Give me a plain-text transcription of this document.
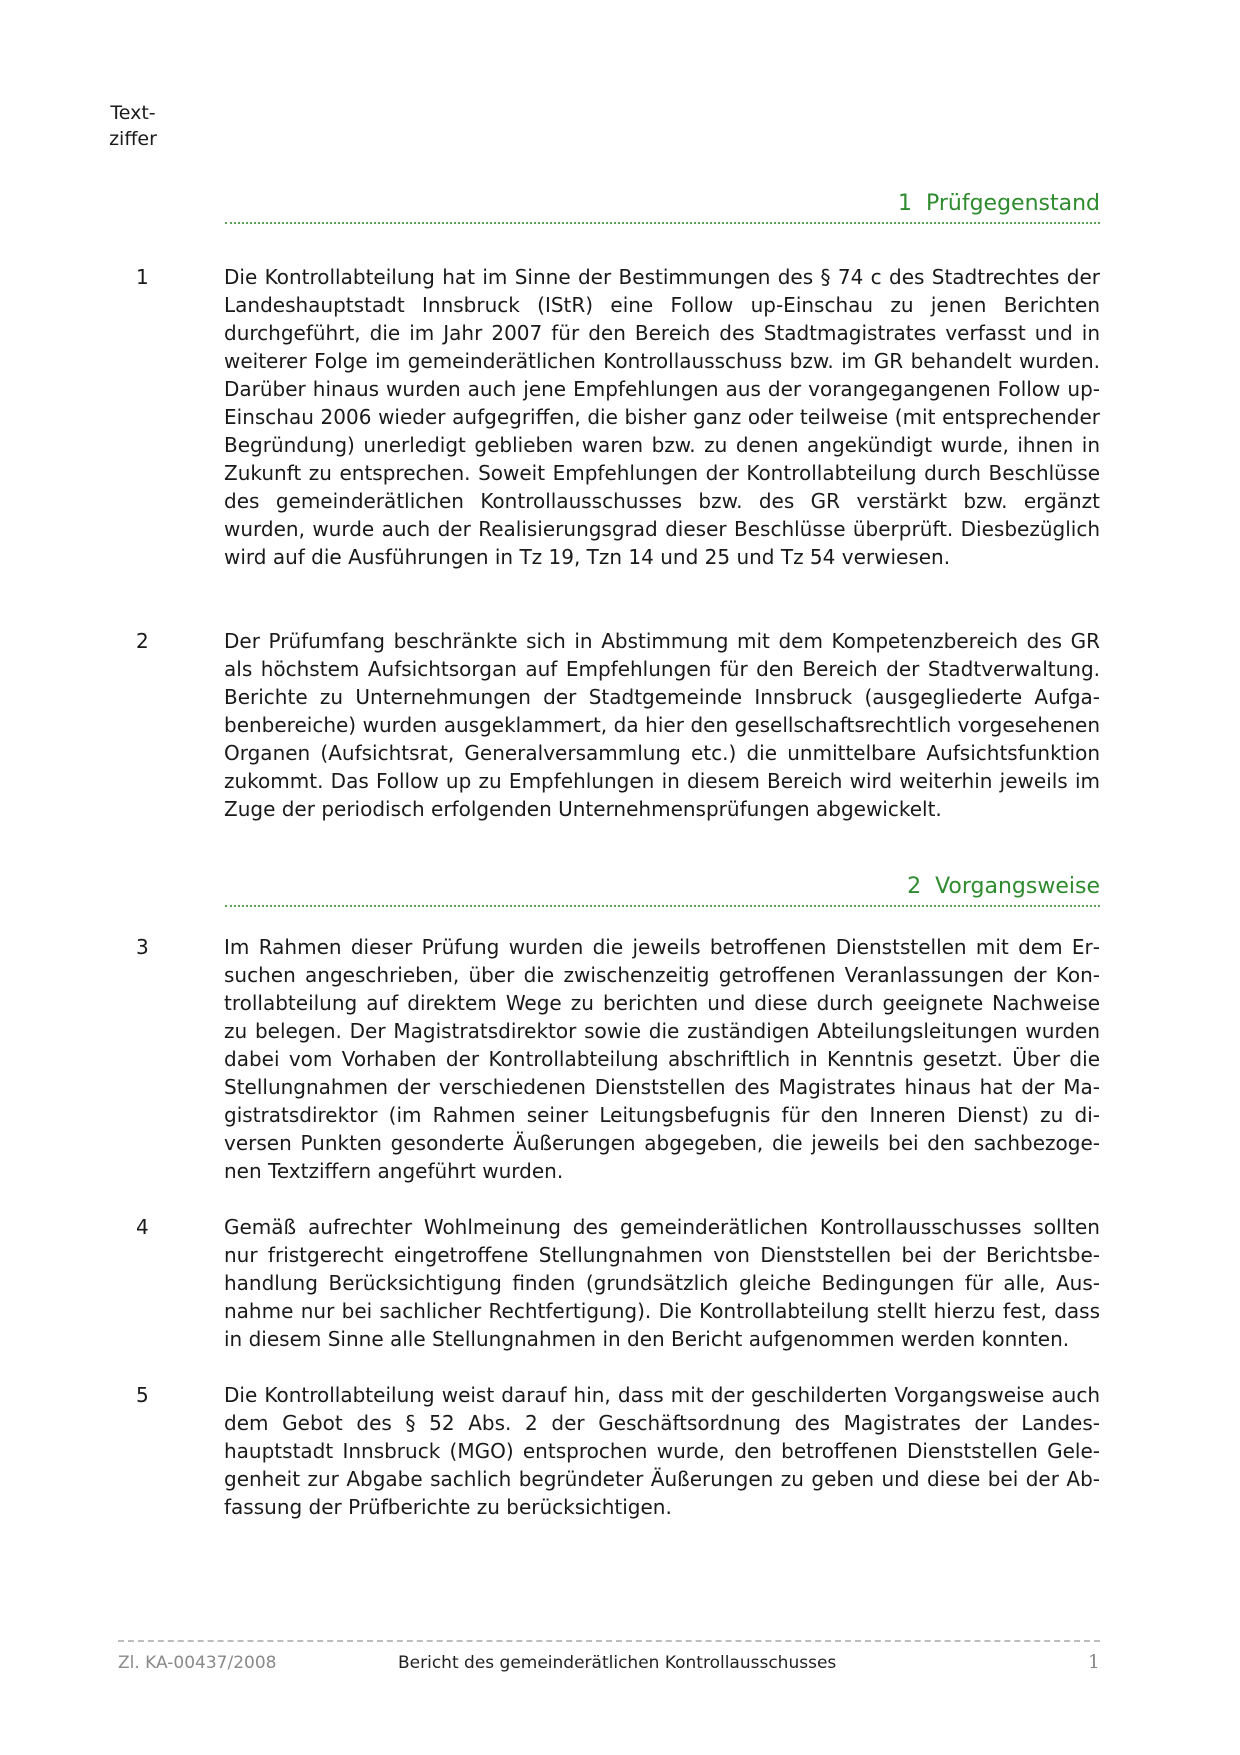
Text-
ziffer
1 Prüfgegenstand
1	Die Kontrollabteilung hat im Sinne der Bestimmungen des § 74 c des Stadtrechtes der Landeshauptstadt Innsbruck (IStR) eine Follow up-Einschau zu jenen Berichten durchgeführt, die im Jahr 2007 für den Bereich des Stadtmagistrates verfasst und in weiterer Folge im gemeinderätlichen Kontrollausschuss bzw. im GR behandelt wurden. Darüber hinaus wurden auch jene Empfehlungen aus der vorangegangenen Follow up-Einschau 2006 wieder aufgegriffen, die bisher ganz oder teilweise (mit entsprechender Begründung) unerledigt geblieben waren bzw. zu denen angekündigt wurde, ihnen in Zukunft zu entsprechen. Soweit Empfehlungen der Kontrollabteilung durch Beschlüsse des gemeinderätlichen Kontrollausschusses bzw. des GR verstärkt bzw. ergänzt wurden, wurde auch der Realisierungsgrad dieser Beschlüsse überprüft. Diesbezüglich wird auf die Ausführungen in Tz 19, Tzn 14 und 25 und Tz 54 verwiesen.
2	Der Prüfumfang beschränkte sich in Abstimmung mit dem Kompetenzbereich des GR als höchstem Aufsichtsorgan auf Empfehlungen für den Bereich der Stadtverwaltung. Berichte zu Unternehmungen der Stadtgemeinde Innsbruck (ausgegliederte Aufgabenbereiche) wurden ausgeklammert, da hier den gesellschaftsrechtlich vorgesehenen Organen (Aufsichtsrat, Generalversammlung etc.) die unmittelbare Aufsichtsfunktion zukommt. Das Follow up zu Empfehlungen in diesem Bereich wird weiterhin jeweils im Zuge der periodisch erfolgenden Unternehmensprüfungen abgewickelt.
2 Vorgangsweise
3	Im Rahmen dieser Prüfung wurden die jeweils betroffenen Dienststellen mit dem Ersuchen angeschrieben, über die zwischenzeitig getroffenen Veranlassungen der Kontrollabteilung auf direktem Wege zu berichten und diese durch geeignete Nachweise zu belegen. Der Magistratsdirektor sowie die zuständigen Abteilungsleitungen wurden dabei vom Vorhaben der Kontrollabteilung abschriftlich in Kenntnis gesetzt. Über die Stellungnahmen der verschiedenen Dienststellen des Magistrates hinaus hat der Magistratsdirektor (im Rahmen seiner Leitungsbefugnis für den Inneren Dienst) zu diversen Punkten gesonderte Äußerungen abgegeben, die jeweils bei den sachbezogenen Textziffern angeführt wurden.
4	Gemäß aufrechter Wohlmeinung des gemeinderätlichen Kontrollausschusses sollten nur fristgerecht eingetroffene Stellungnahmen von Dienststellen bei der Berichtsbehandlung Berücksichtigung finden (grundsätzlich gleiche Bedingungen für alle, Ausnahme nur bei sachlicher Rechtfertigung). Die Kontrollabteilung stellt hierzu fest, dass in diesem Sinne alle Stellungnahmen in den Bericht aufgenommen werden konnten.
5	Die Kontrollabteilung weist darauf hin, dass mit der geschilderten Vorgangsweise auch dem Gebot des § 52 Abs. 2 der Geschäftsordnung des Magistrates der Landeshauptstadt Innsbruck (MGO) entsprochen wurde, den betroffenen Dienststellen Gelegenheit zur Abgabe sachlich begründeter Äußerungen zu geben und diese bei der Abfassung der Prüfberichte zu berücksichtigen.
Zl. KA-00437/2008	Bericht des gemeinderätlichen Kontrollausschusses	1
